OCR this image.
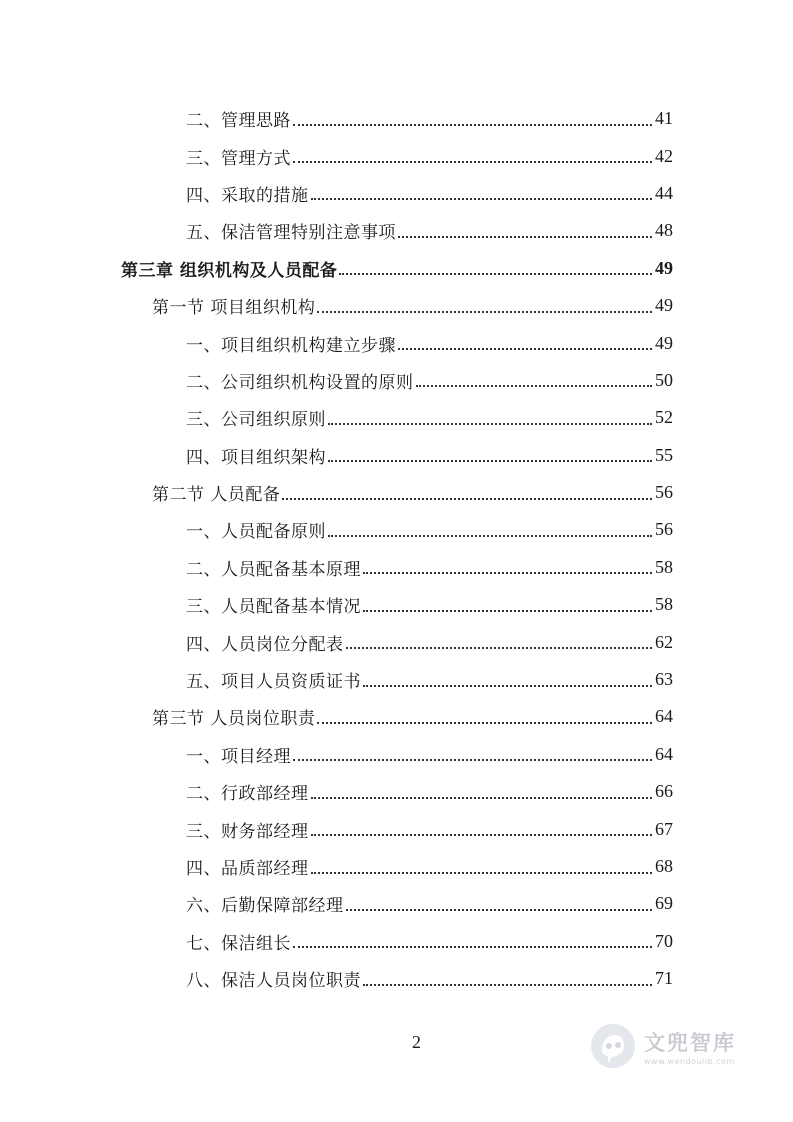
二、管理思路	41
三、管理方式	42
四、采取的措施	44
五、保洁管理特别注意事项	48
第三章 组织机构及人员配备	49
第一节 项目组织机构	49
一、项目组织机构建立步骤	49
二、公司组织机构设置的原则	50
三、公司组织原则	52
四、项目组织架构	55
第二节 人员配备	56
一、人员配备原则	56
二、人员配备基本原理	58
三、人员配备基本情况	58
四、人员岗位分配表	62
五、项目人员资质证书	63
第三节 人员岗位职责	64
一、项目经理	64
二、行政部经理	66
三、财务部经理	67
四、品质部经理	68
六、后勤保障部经理	69
七、保洁组长	70
八、保洁人员岗位职责	71
2	文兜智库
www.wendoulib.com
